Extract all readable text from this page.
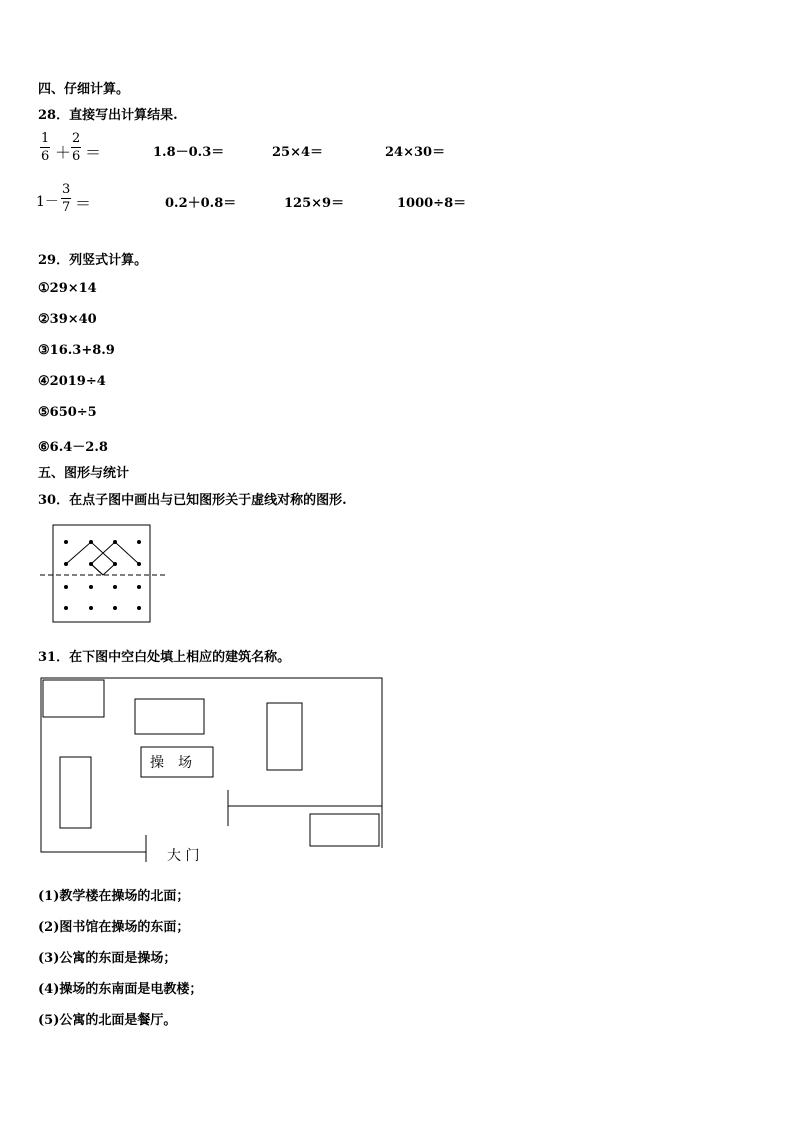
四、仔细计算。
28．直接写出计算结果.
1
6 ＋
2
6 ＝	1.8－0.3＝	25×4＝	24×30＝
1－
3
7 ＝	0.2＋0.8＝	125×9＝	1000÷8＝
29．列竖式计算。
①29×14
②39×40
③16.3+8.9
④2019÷4
⑤650÷5
⑥6.4－2.8
五、图形与统计
30．在点子图中画出与已知图形关于虚线对称的图形.
31．在下图中空白处填上相应的建筑名称。
操　场
大 门
(1)教学楼在操场的北面；
(2)图书馆在操场的东面；
(3)公寓的东面是操场；
(4)操场的东南面是电教楼；
(5)公寓的北面是餐厅。
